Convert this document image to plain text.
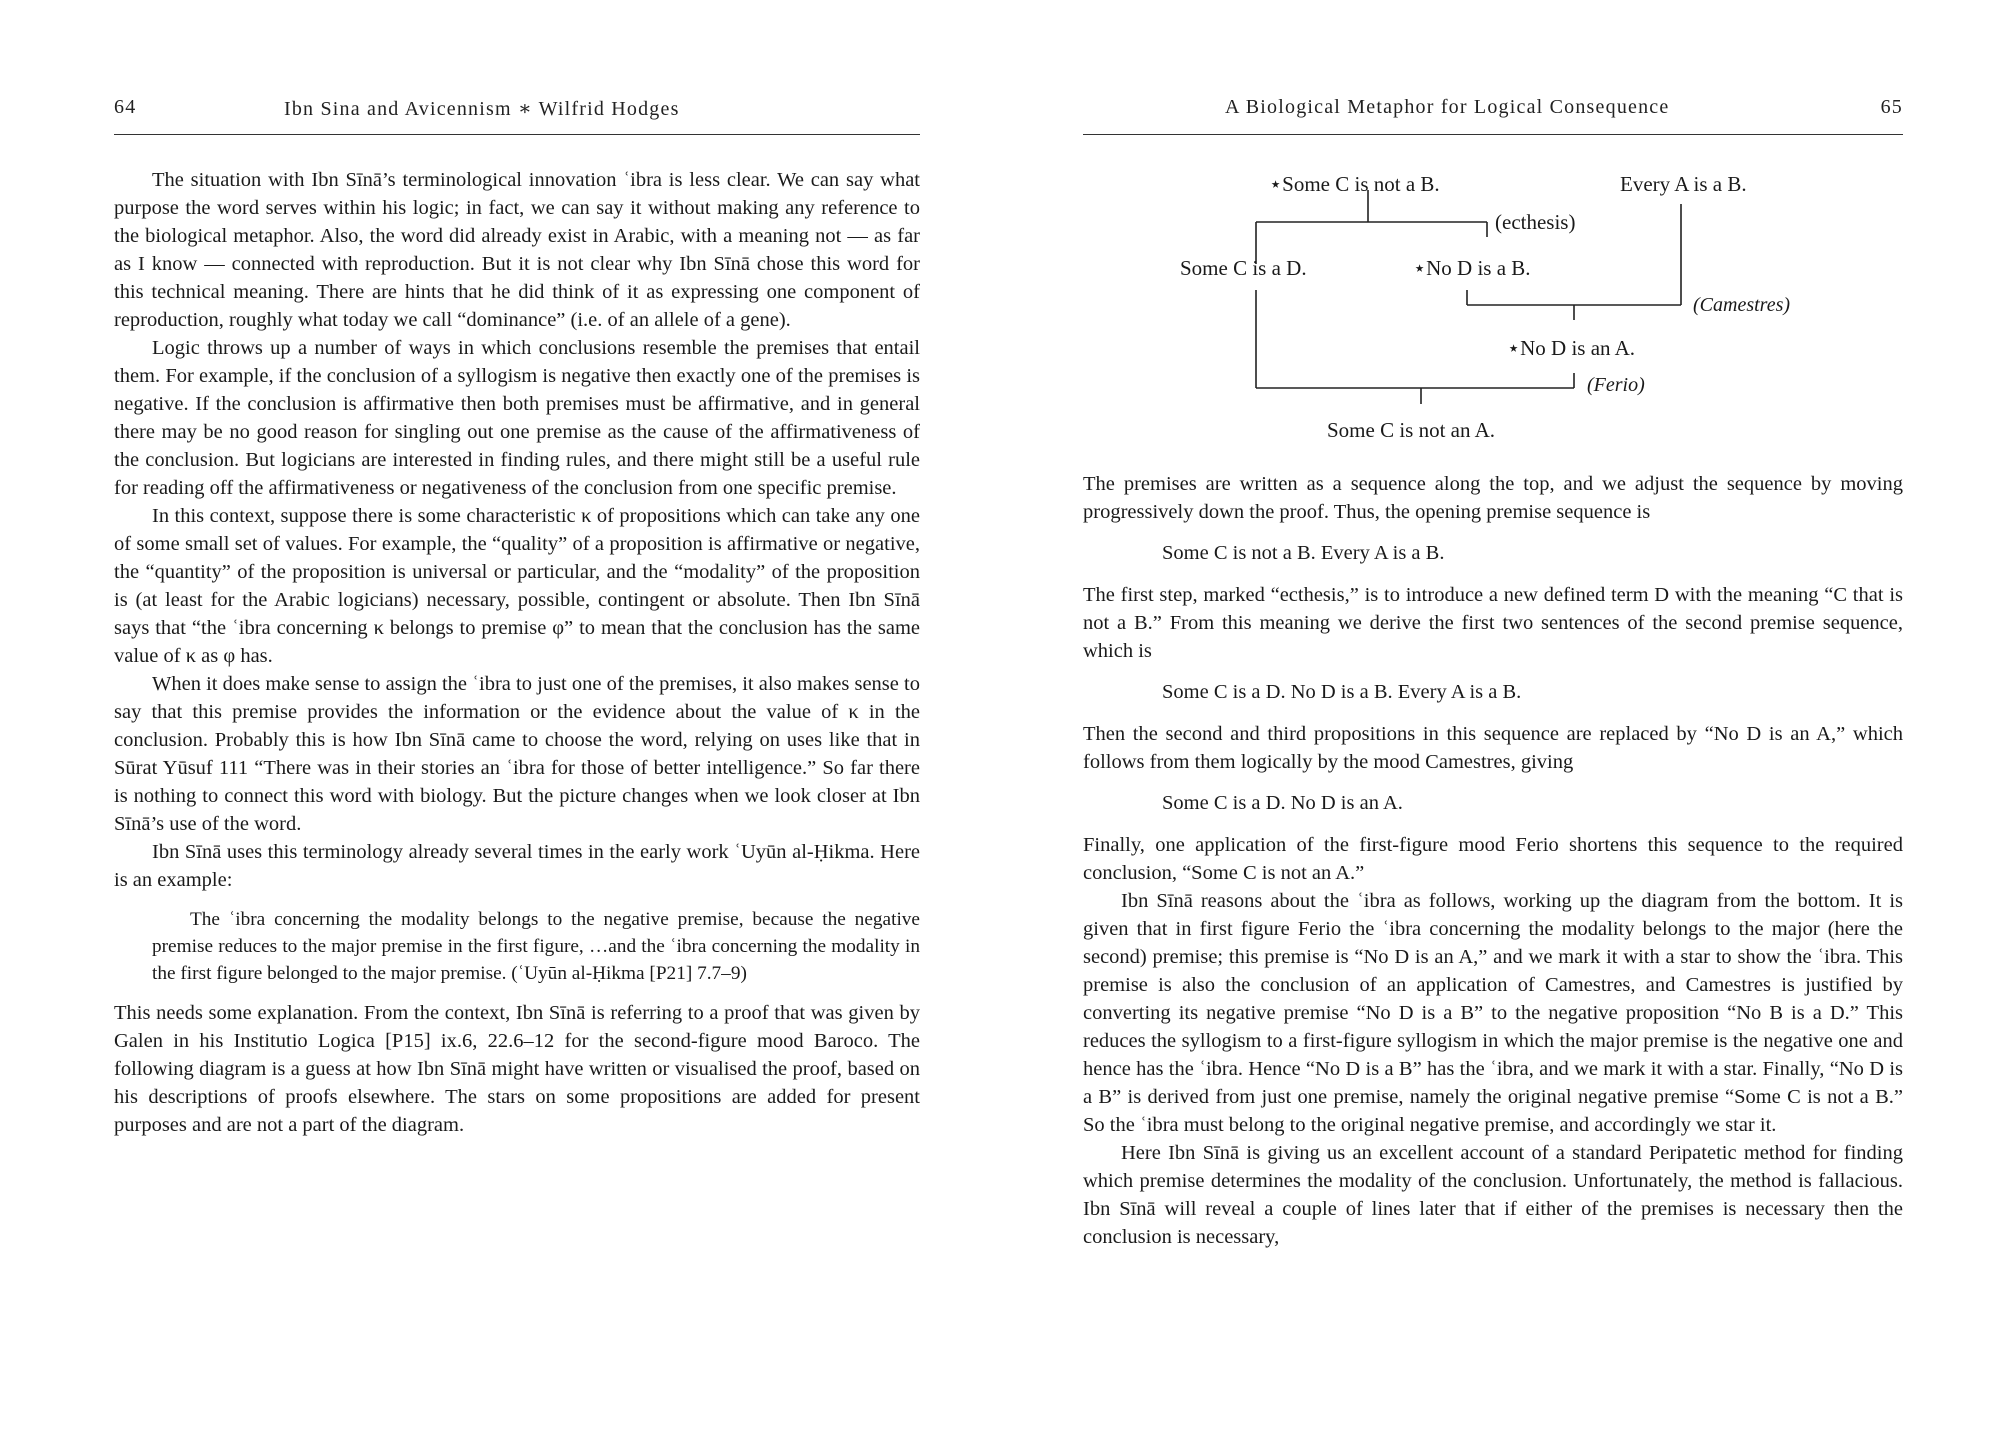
64	Ibn Sina and Avicennism ∗ Wilfrid Hodges

The situation with Ibn Sīnā’s terminological innovation ʿibra is less clear. We can say what purpose the word serves within his logic; in fact, we can say it without making any reference to the biological metaphor. Also, the word did already exist in Arabic, with a meaning not — as far as I know — connected with reproduction. But it is not clear why Ibn Sīnā chose this word for this technical meaning. There are hints that he did think of it as expressing one component of reproduction, roughly what today we call “dominance” (i.e. of an allele of a gene).

Logic throws up a number of ways in which conclusions resemble the premises that entail them. For example, if the conclusion of a syllogism is negative then exactly one of the premises is negative. If the conclusion is affirmative then both premises must be affirmative, and in general there may be no good reason for singling out one premise as the cause of the affirmativeness of the conclusion. But logicians are interested in finding rules, and there might still be a useful rule for reading off the affirmativeness or negativeness of the conclusion from one specific premise.

In this context, suppose there is some characteristic κ of propositions which can take any one of some small set of values. For example, the “quality” of a proposition is affirmative or negative, the “quantity” of the proposition is universal or particular, and the “modality” of the proposition is (at least for the Arabic logicians) necessary, possible, contingent or absolute. Then Ibn Sīnā says that “the ʿibra concerning κ belongs to premise φ” to mean that the conclusion has the same value of κ as φ has.

When it does make sense to assign the ʿibra to just one of the premises, it also makes sense to say that this premise provides the information or the evidence about the value of κ in the conclusion. Probably this is how Ibn Sīnā came to choose the word, relying on uses like that in Sūrat Yūsuf 111 “There was in their stories an ʿibra for those of better intelligence.” So far there is nothing to connect this word with biology. But the picture changes when we look closer at Ibn Sīnā’s use of the word.

Ibn Sīnā uses this terminology already several times in the early work ʿUyūn al-Ḥikma. Here is an example:

The ʿibra concerning the modality belongs to the negative premise, because the negative premise reduces to the major premise in the first figure, …and the ʿibra concerning the modality in the first figure belonged to the major premise. (ʿUyūn al-Ḥikma [P21] 7.7–9)

This needs some explanation. From the context, Ibn Sīnā is referring to a proof that was given by Galen in his Institutio Logica [P15] ix.6, 22.6–12 for the second-figure mood Baroco. The following diagram is a guess at how Ibn Sīnā might have written or visualised the proof, based on his descriptions of proofs elsewhere. The stars on some propositions are added for present purposes and are not a part of the diagram.

A Biological Metaphor for Logical Consequence	65
⋆Some C is not a B.	Every A is a B.
(ecthesis)
Some C is a D.	⋆No D is a B.
(Camestres)
⋆No D is an A.
(Ferio)
Some C is not an A.

The premises are written as a sequence along the top, and we adjust the sequence by moving progressively down the proof. Thus, the opening premise sequence is

Some C is not a B. Every A is a B.

The first step, marked “ecthesis,” is to introduce a new defined term D with the meaning “C that is not a B.” From this meaning we derive the first two sentences of the second premise sequence, which is

Some C is a D. No D is a B. Every A is a B.

Then the second and third propositions in this sequence are replaced by “No D is an A,” which follows from them logically by the mood Camestres, giving

Some C is a D. No D is an A.

Finally, one application of the first-figure mood Ferio shortens this sequence to the required conclusion, “Some C is not an A.”

Ibn Sīnā reasons about the ʿibra as follows, working up the diagram from the bottom. It is given that in first figure Ferio the ʿibra concerning the modality belongs to the major (here the second) premise; this premise is “No D is an A,” and we mark it with a star to show the ʿibra. This premise is also the conclusion of an application of Camestres, and Camestres is justified by converting its negative premise “No D is a B” to the negative proposition “No B is a D.” This reduces the syllogism to a first-figure syllogism in which the major premise is the negative one and hence has the ʿibra. Hence “No D is a B” has the ʿibra, and we mark it with a star. Finally, “No D is a B” is derived from just one premise, namely the original negative premise “Some C is not a B.” So the ʿibra must belong to the original negative premise, and accordingly we star it.

Here Ibn Sīnā is giving us an excellent account of a standard Peripatetic method for finding which premise determines the modality of the conclusion. Unfortunately, the method is fallacious. Ibn Sīnā will reveal a couple of lines later that if either of the premises is necessary then the conclusion is necessary,
